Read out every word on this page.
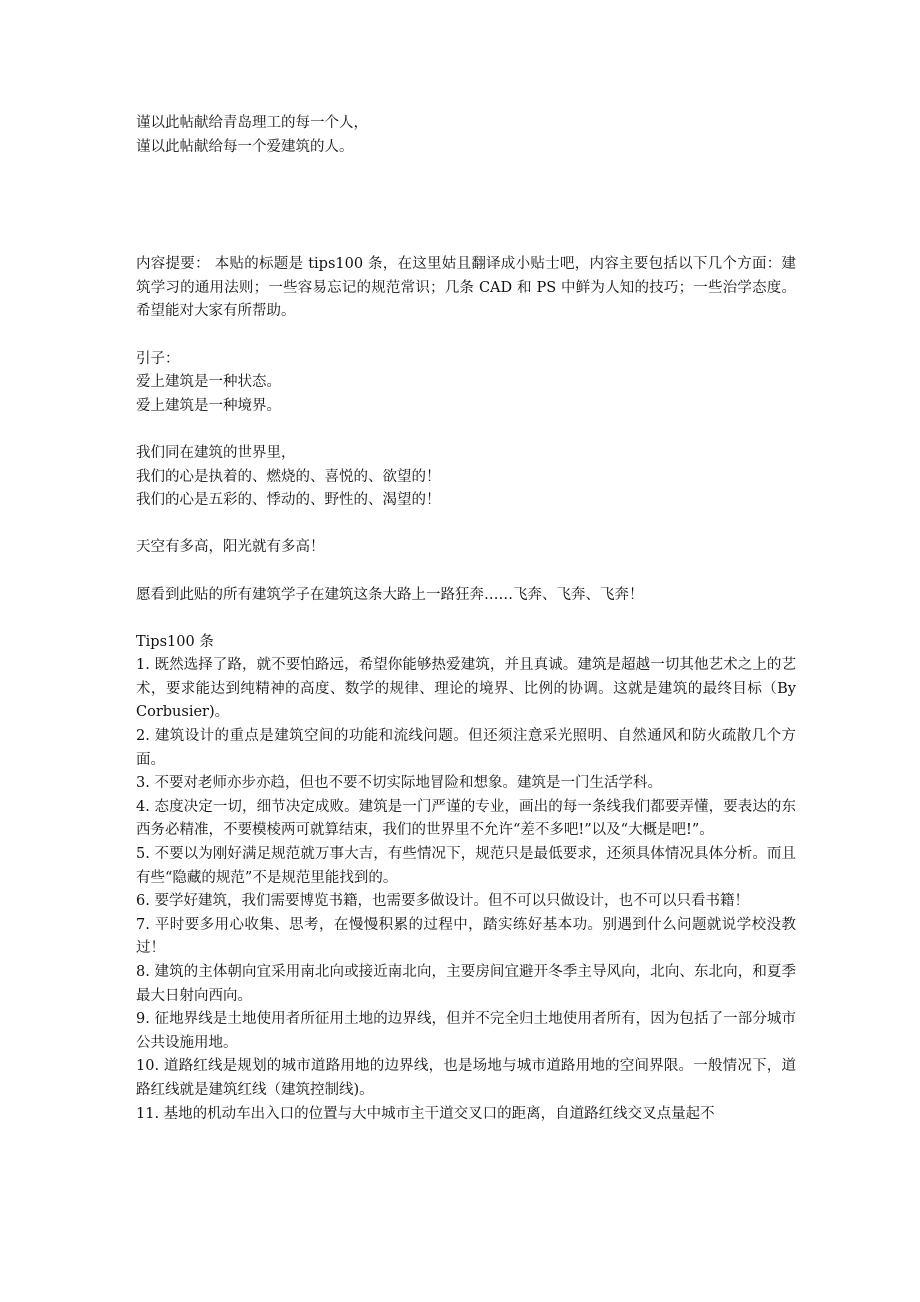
谨以此帖献给青岛理工的每一个人，

谨以此帖献给每一个爱建筑的人。

内容提要： 本贴的标题是 tips100 条，在这里姑且翻译成小贴士吧，内容主要包括以下几个方面：建筑学习的通用法则；一些容易忘记的规范常识；几条 CAD 和 PS 中鲜为人知的技巧；一些治学态度。希望能对大家有所帮助。

引子：

爱上建筑是一种状态。

爱上建筑是一种境界。

我们同在建筑的世界里，

我们的心是执着的、燃烧的、喜悦的、欲望的！

我们的心是五彩的、悸动的、野性的、渴望的！

天空有多高，阳光就有多高！

愿看到此贴的所有建筑学子在建筑这条大路上一路狂奔……飞奔、飞奔、飞奔！

Tips100 条

1. 既然选择了路，就不要怕路远，希望你能够热爱建筑，并且真诚。建筑是超越一切其他艺术之上的艺术，要求能达到纯精神的高度、数学的规律、理论的境界、比例的协调。这就是建筑的最终目标（By Corbusier)。

2. 建筑设计的重点是建筑空间的功能和流线问题。但还须注意采光照明、自然通风和防火疏散几个方面。

3. 不要对老师亦步亦趋，但也不要不切实际地冒险和想象。建筑是一门生活学科。

4. 态度决定一切，细节决定成败。建筑是一门严谨的专业，画出的每一条线我们都要弄懂，要表达的东西务必精准，不要模棱两可就算结束，我们的世界里不允许“差不多吧!”以及“大概是吧!”。

5. 不要以为刚好满足规范就万事大吉，有些情况下，规范只是最低要求，还须具体情况具体分析。而且有些“隐藏的规范”不是规范里能找到的。

6. 要学好建筑，我们需要博览书籍，也需要多做设计。但不可以只做设计，也不可以只看书籍！

7. 平时要多用心收集、思考，在慢慢积累的过程中，踏实练好基本功。别遇到什么问题就说学校没教过！

8. 建筑的主体朝向宜采用南北向或接近南北向，主要房间宜避开冬季主导风向，北向、东北向，和夏季最大日射向西向。

9. 征地界线是土地使用者所征用土地的边界线，但并不完全归土地使用者所有，因为包括了一部分城市公共设施用地。

10. 道路红线是规划的城市道路用地的边界线，也是场地与城市道路用地的空间界限。一般情况下，道路红线就是建筑红线（建筑控制线)。

11. 基地的机动车出入口的位置与大中城市主干道交叉口的距离，自道路红线交叉点量起不
